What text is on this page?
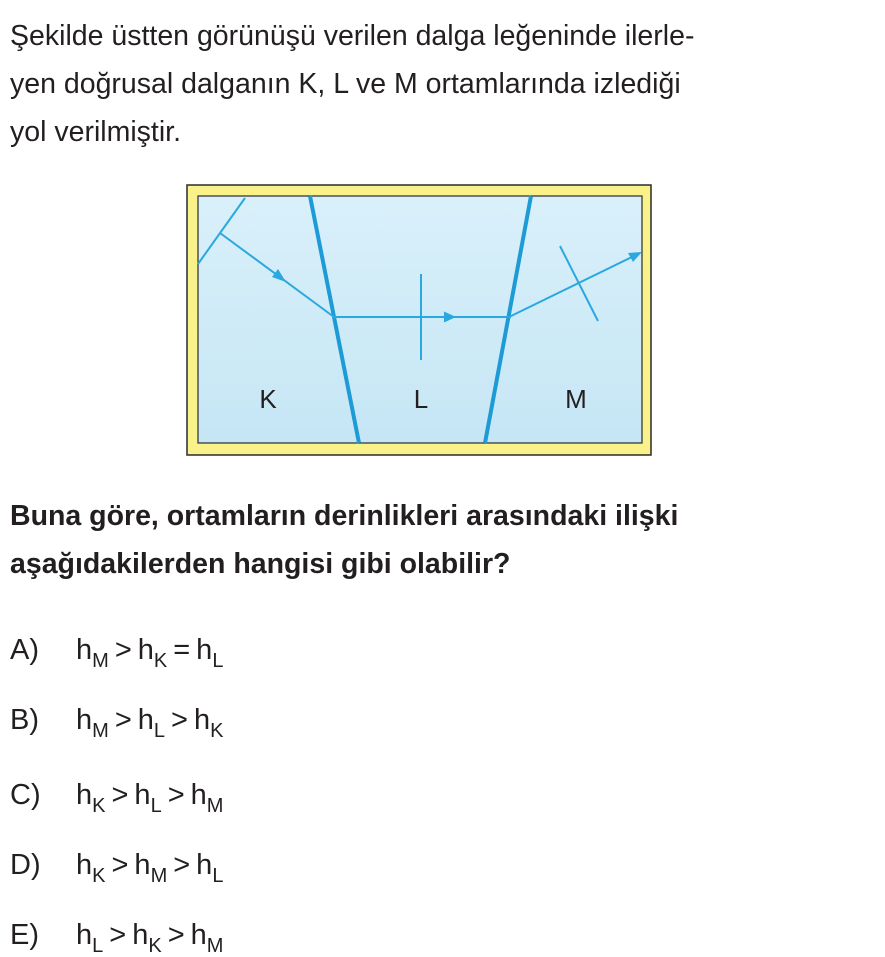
Şekilde üstten görünüşü verilen dalga leğeninde ilerle-
yen doğrusal dalganın K, L ve M ortamlarında izlediği
yol verilmiştir.
K	L	M
Buna göre, ortamların derinlikleri arasındaki ilişki
aşağıdakilerden hangisi gibi olabilir?
A) $h_M > h_K = h_L$
B) $h_M > h_L > h_K$
C) $h_K > h_L > h_M$
D) $h_K > h_M > h_L$
E) $h_L > h_K > h_M$
